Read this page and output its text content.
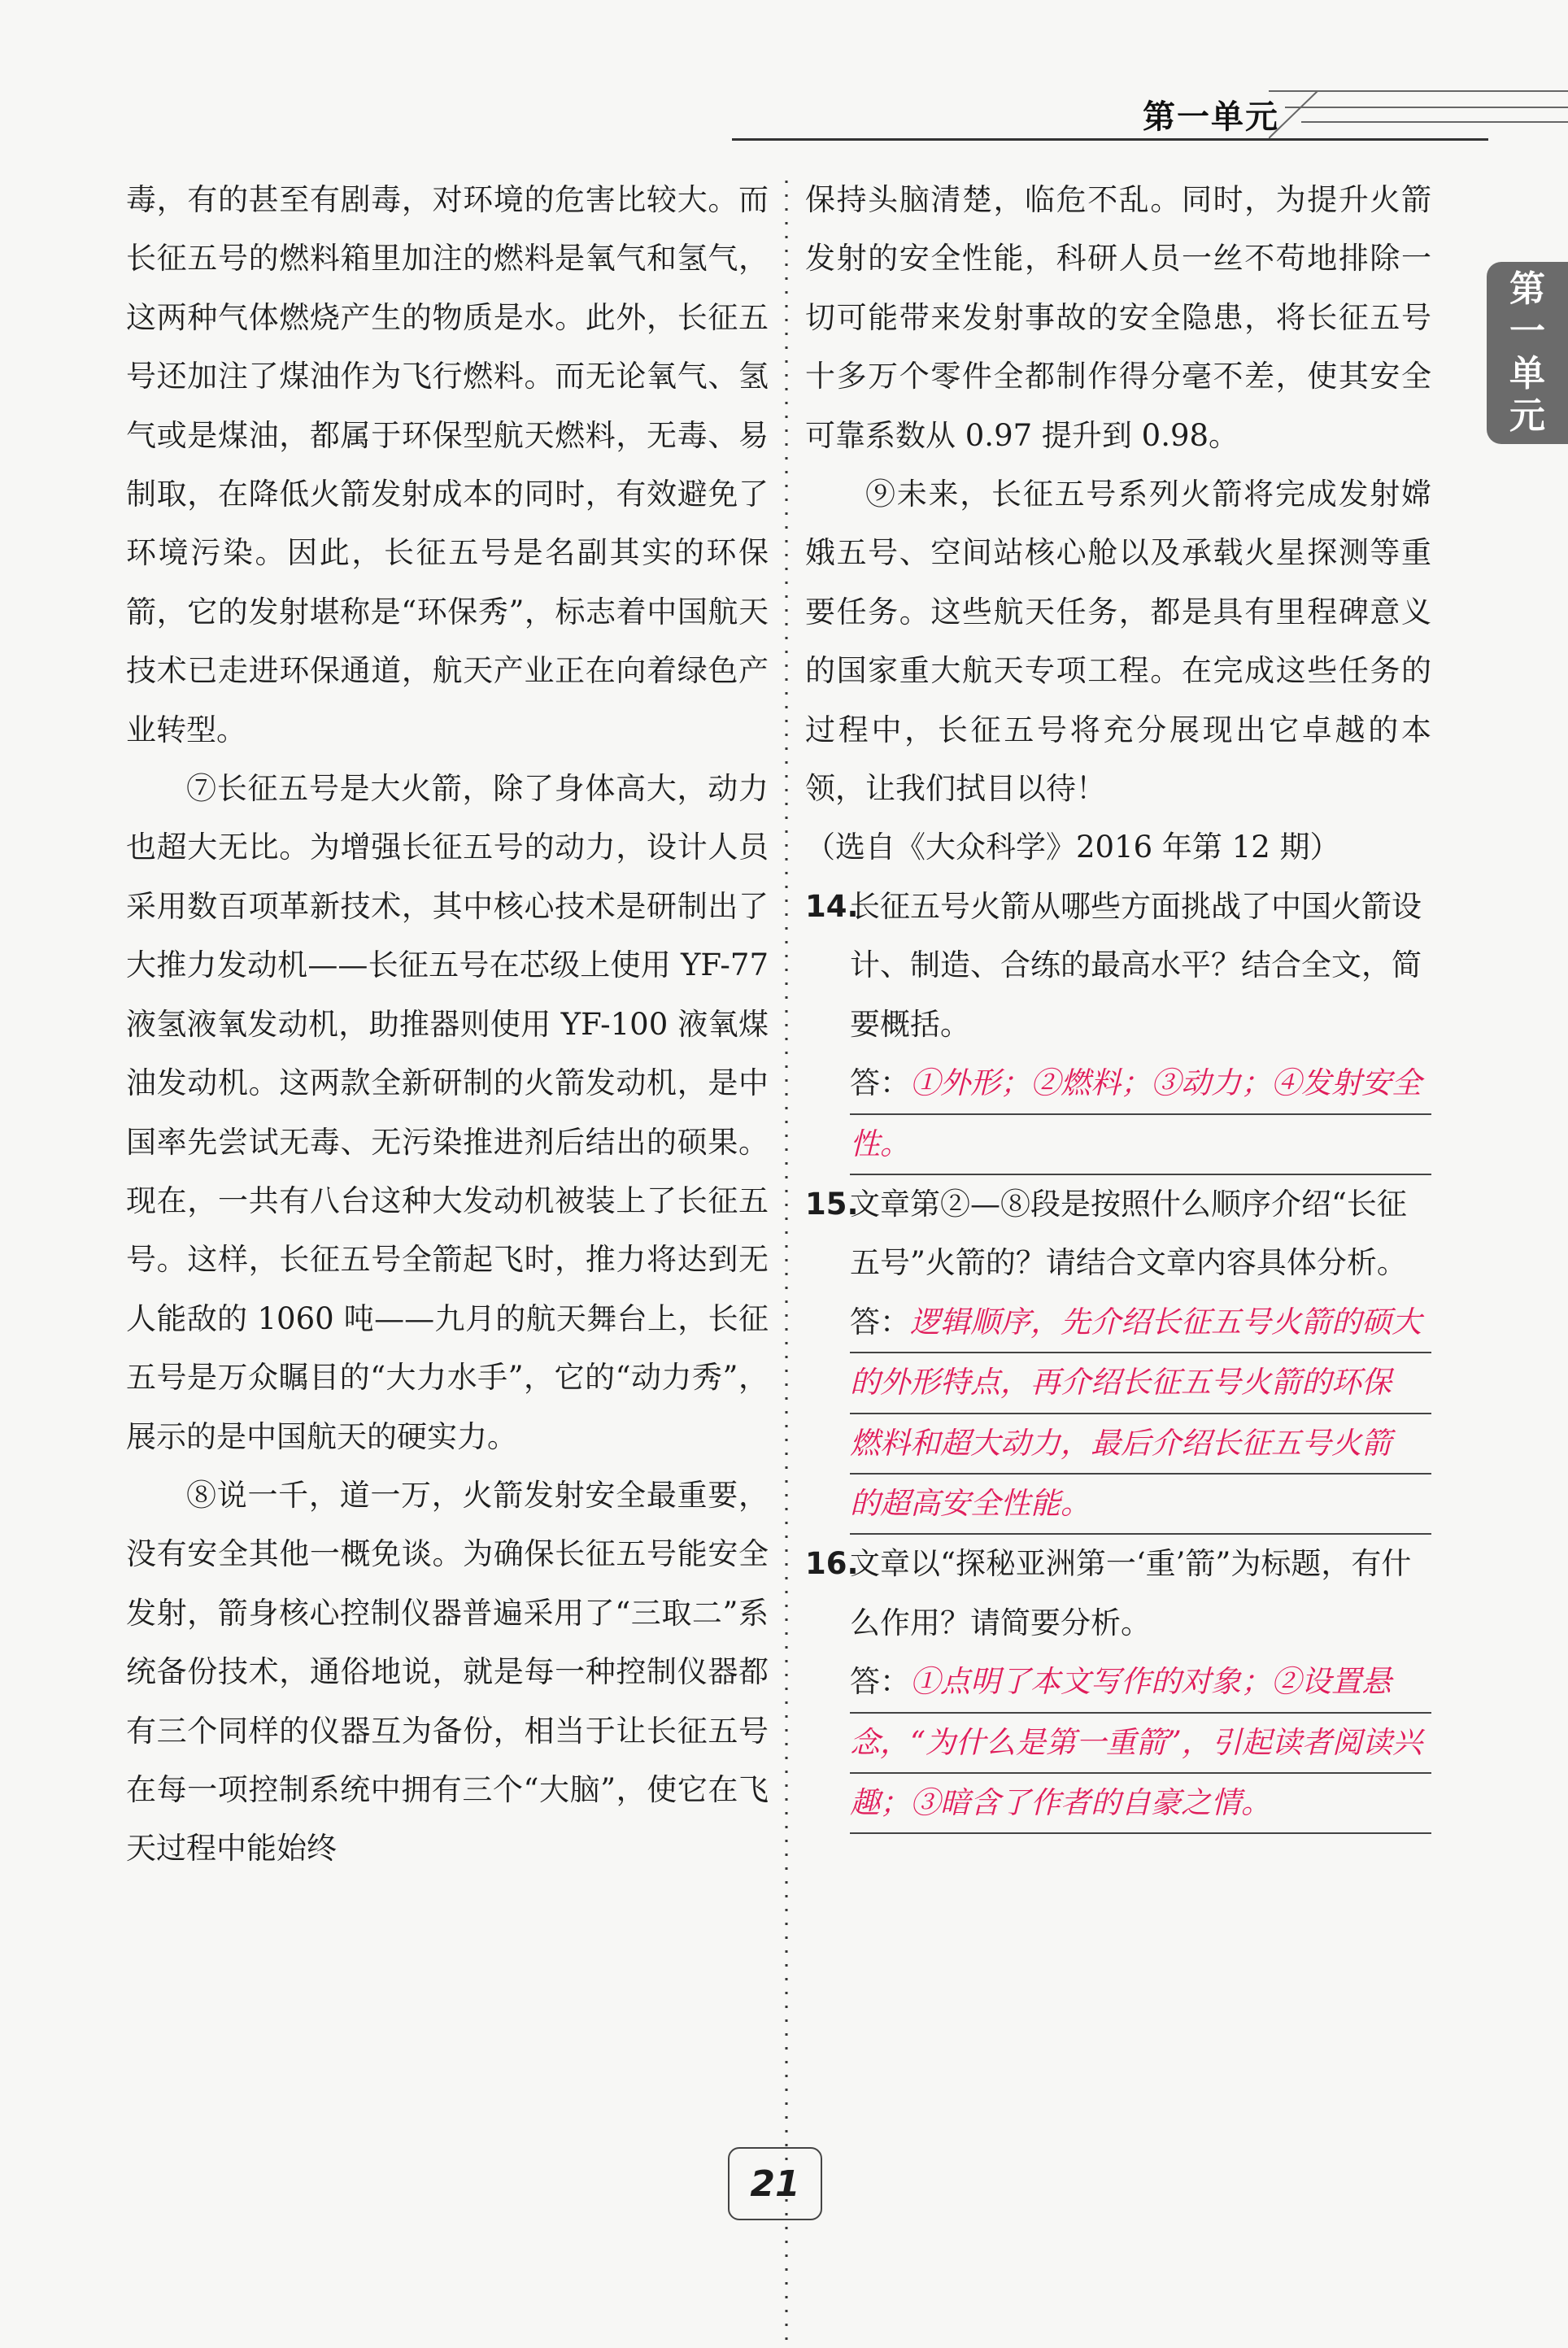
第一单元
第
一
单
元

毒，有的甚至有剧毒，对环境的危害比较大。而长征五号的燃料箱里加注的燃料是氧气和氢气，这两种气体燃烧产生的物质是水。此外，长征五号还加注了煤油作为飞行燃料。而无论氧气、氢气或是煤油，都属于环保型航天燃料，无毒、易制取，在降低火箭发射成本的同时，有效避免了环境污染。因此，长征五号是名副其实的环保箭，它的发射堪称是“环保秀”，标志着中国航天技术已走进环保通道，航天产业正在向着绿色产业转型。

⑦长征五号是大火箭，除了身体高大，动力也超大无比。为增强长征五号的动力，设计人员采用数百项革新技术，其中核心技术是研制出了大推力发动机——长征五号在芯级上使用 YF-77 液氢液氧发动机，助推器则使用 YF-100 液氧煤油发动机。这两款全新研制的火箭发动机，是中国率先尝试无毒、无污染推进剂后结出的硕果。现在，一共有八台这种大发动机被装上了长征五号。这样，长征五号全箭起飞时，推力将达到无人能敌的 1060 吨——九月的航天舞台上，长征五号是万众瞩目的“大力水手”，它的“动力秀”，展示的是中国航天的硬实力。

⑧说一千，道一万，火箭发射安全最重要，没有安全其他一概免谈。为确保长征五号能安全发射，箭身核心控制仪器普遍采用了“三取二”系统备份技术，通俗地说，就是每一种控制仪器都有三个同样的仪器互为备份，相当于让长征五号在每一项控制系统中拥有三个“大脑”，使它在飞天过程中能始终

保持头脑清楚，临危不乱。同时，为提升火箭发射的安全性能，科研人员一丝不苟地排除一切可能带来发射事故的安全隐患，将长征五号十多万个零件全都制作得分毫不差，使其安全可靠系数从 0.97 提升到 0.98。

⑨未来，长征五号系列火箭将完成发射嫦娥五号、空间站核心舱以及承载火星探测等重要任务。这些航天任务，都是具有里程碑意义的国家重大航天专项工程。在完成这些任务的过程中，长征五号将充分展现出它卓越的本领，让我们拭目以待！

（选自《大众科学》2016 年第 12 期）

14.
长征五号火箭从哪些方面挑战了中国火箭设计、制造、合练的最高水平？结合全文，简要概括。
答：①外形；②燃料；③动力；④发射安全
性。
15.
文章第②—⑧段是按照什么顺序介绍“长征五号”火箭的？请结合文章内容具体分析。
答：逻辑顺序，先介绍长征五号火箭的硕大
的外形特点，再介绍长征五号火箭的环保
燃料和超大动力，最后介绍长征五号火箭
的超高安全性能。
16.
文章以“探秘亚洲第一‘重’箭”为标题，有什么作用？请简要分析。
答：①点明了本文写作的对象；②设置悬
念，“为什么是第一重箭”，引起读者阅读兴
趣；③暗含了作者的自豪之情。
21
